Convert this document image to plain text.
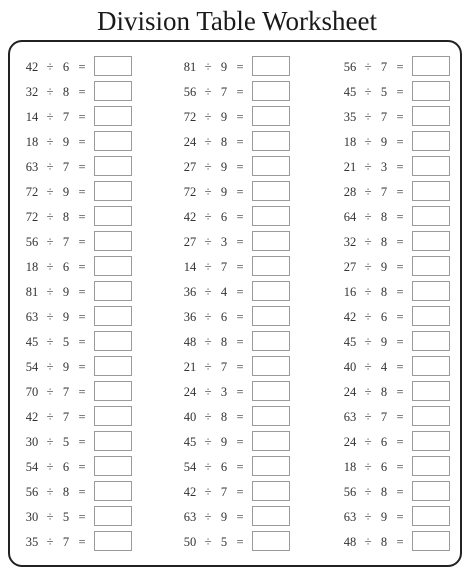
Division Table Worksheet
42 ÷ 6 =
32 ÷ 8 =
14 ÷ 7 =
18 ÷ 9 =
63 ÷ 7 =
72 ÷ 9 =
72 ÷ 8 =
56 ÷ 7 =
18 ÷ 6 =
81 ÷ 9 =
63 ÷ 9 =
45 ÷ 5 =
54 ÷ 9 =
70 ÷ 7 =
42 ÷ 7 =
30 ÷ 5 =
54 ÷ 6 =
56 ÷ 8 =
30 ÷ 5 =
35 ÷ 7 =
81 ÷ 9 =
56 ÷ 7 =
72 ÷ 9 =
24 ÷ 8 =
27 ÷ 9 =
72 ÷ 9 =
42 ÷ 6 =
27 ÷ 3 =
14 ÷ 7 =
36 ÷ 4 =
36 ÷ 6 =
48 ÷ 8 =
21 ÷ 7 =
24 ÷ 3 =
40 ÷ 8 =
45 ÷ 9 =
54 ÷ 6 =
42 ÷ 7 =
63 ÷ 9 =
50 ÷ 5 =
56 ÷ 7 =
45 ÷ 5 =
35 ÷ 7 =
18 ÷ 9 =
21 ÷ 3 =
28 ÷ 7 =
64 ÷ 8 =
32 ÷ 8 =
27 ÷ 9 =
16 ÷ 8 =
42 ÷ 6 =
45 ÷ 9 =
40 ÷ 4 =
24 ÷ 8 =
63 ÷ 7 =
24 ÷ 6 =
18 ÷ 6 =
56 ÷ 8 =
63 ÷ 9 =
48 ÷ 8 =
